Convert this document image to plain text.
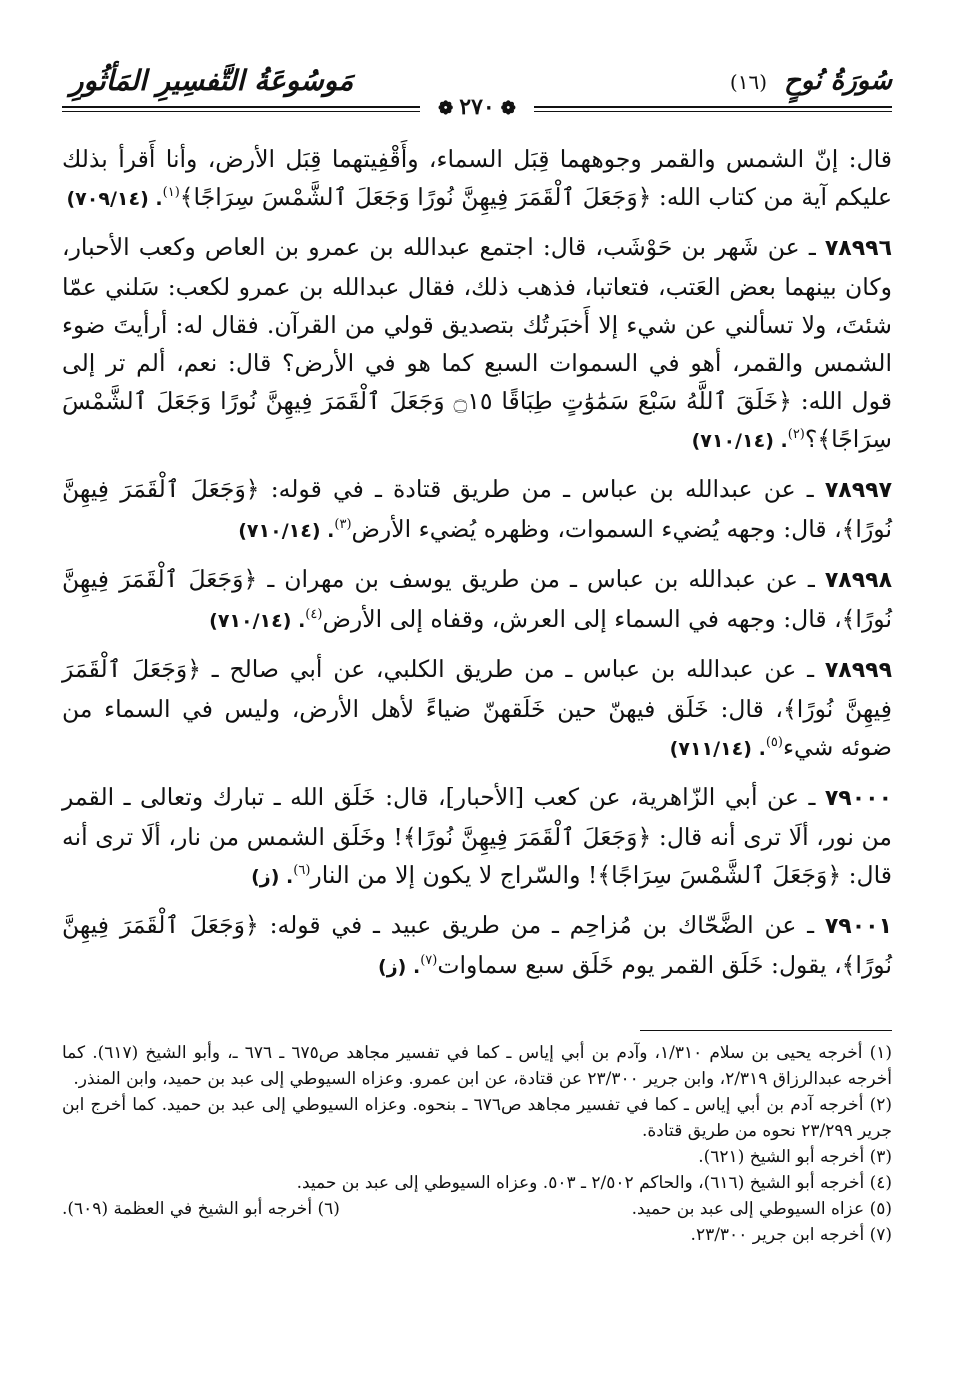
سُورَةُ نُوحٍ (١٦)
مَوسُوعَةُ التَّفسِيرِ المَأثُورِ
❁٢٧٠❁

قال: إنّ الشمس والقمر وجوههما قِبَل السماء، وأَقْفِيتهما قِبَل الأرض، وأنا أَقرأ بذلك عليكم آية من كتاب الله: ﴿وَجَعَلَ ٱلْقَمَرَ فِيهِنَّ نُورًا وَجَعَلَ ٱلشَّمْسَ سِرَاجًا﴾$^{(١)}$. (٧٠٩/١٤)

٧٨٩٩٦ ـ عن شَهر بن حَوْشَب، قال: اجتمع عبدالله بن عمرو بن العاص وكعب الأحبار، وكان بينهما بعض العَتب، فتعاتبا، فذهب ذلك، فقال عبدالله بن عمرو لكعب: سَلني عمّا شئتَ، ولا تسألني عن شيء إلا أَخبَرتُك بتصديق قولي من القرآن. فقال له: أرأيتَ ضوء الشمس والقمر، أهو في السموات السبع كما هو في الأرض؟ قال: نعم، ألم تر إلى قول الله: ﴿خَلَقَ ٱللَّهُ سَبْعَ سَمَٰوَٰتٍ طِبَاقًا ۝١٥ وَجَعَلَ ٱلْقَمَرَ فِيهِنَّ نُورًا وَجَعَلَ ٱلشَّمْسَ سِرَاجًا﴾؟$^{(٢)}$. (٧١٠/١٤)

٧٨٩٩٧ ـ عن عبدالله بن عباس ـ من طريق قتادة ـ في قوله: ﴿وَجَعَلَ ٱلْقَمَرَ فِيهِنَّ نُورًا﴾، قال: وجهه يُضيء السموات، وظهره يُضيء الأرض$^{(٣)}$. (٧١٠/١٤)

٧٨٩٩٨ ـ عن عبدالله بن عباس ـ من طريق يوسف بن مهران ـ ﴿وَجَعَلَ ٱلْقَمَرَ فِيهِنَّ نُورًا﴾، قال: وجهه في السماء إلى العرش، وقفاه إلى الأرض$^{(٤)}$. (٧١٠/١٤)

٧٨٩٩٩ ـ عن عبدالله بن عباس ـ من طريق الكلبي، عن أبي صالح ـ ﴿وَجَعَلَ ٱلْقَمَرَ فِيهِنَّ نُورًا﴾، قال: خَلَق فيهنّ حين خَلَقهنّ ضياءً لأهل الأرض، وليس في السماء من ضوئه شيء$^{(٥)}$. (٧١١/١٤)

٧٩٠٠٠ ـ عن أبي الزّاهرية، عن كعب [الأحبار]، قال: خَلَق الله ـ تبارك وتعالى ـ القمر من نور، ألَا ترى أنه قال: ﴿وَجَعَلَ ٱلْقَمَرَ فِيهِنَّ نُورًا﴾! وخَلَق الشمس من نار، ألَا ترى أنه قال: ﴿وَجَعَلَ ٱلشَّمْسَ سِرَاجًا﴾! والسّراج لا يكون إلا من النار$^{(٦)}$. (ز)

٧٩٠٠١ ـ عن الضَّحّاك بن مُزاحِم ـ من طريق عبيد ـ في قوله: ﴿وَجَعَلَ ٱلْقَمَرَ فِيهِنَّ نُورًا﴾، يقول: خَلَق القمر يوم خَلَق سبع سماوات$^{(٧)}$. (ز)

(١) أخرجه يحيى بن سلام ١/٣١٠، وآدم بن أبي إياس ـ كما في تفسير مجاهد ص٦٧٥ ـ ٦٧٦ ـ، وأبو الشيخ (٦١٧). كما أخرجه عبدالرزاق ٢/٣١٩، وابن جرير ٢٣/٣٠٠ عن قتادة، عن ابن عمرو. وعزاه السيوطي إلى عبد بن حميد، وابن المنذر.

(٢) أخرجه آدم بن أبي إياس ـ كما في تفسير مجاهد ص٦٧٦ ـ بنحوه. وعزاه السيوطي إلى عبد بن حميد. كما أخرج ابن جرير ٢٣/٢٩٩ نحوه من طريق قتادة.

(٣) أخرجه أبو الشيخ (٦٢١).

(٤) أخرجه أبو الشيخ (٦١٦)، والحاكم ٢/٥٠٢ ـ ٥٠٣. وعزاه السيوطي إلى عبد بن حميد.

(٥) عزاه السيوطي إلى عبد بن حميد.

(٦) أخرجه أبو الشيخ في العظمة (٦٠٩).

(٧) أخرجه ابن جرير ٢٣/٣٠٠.
